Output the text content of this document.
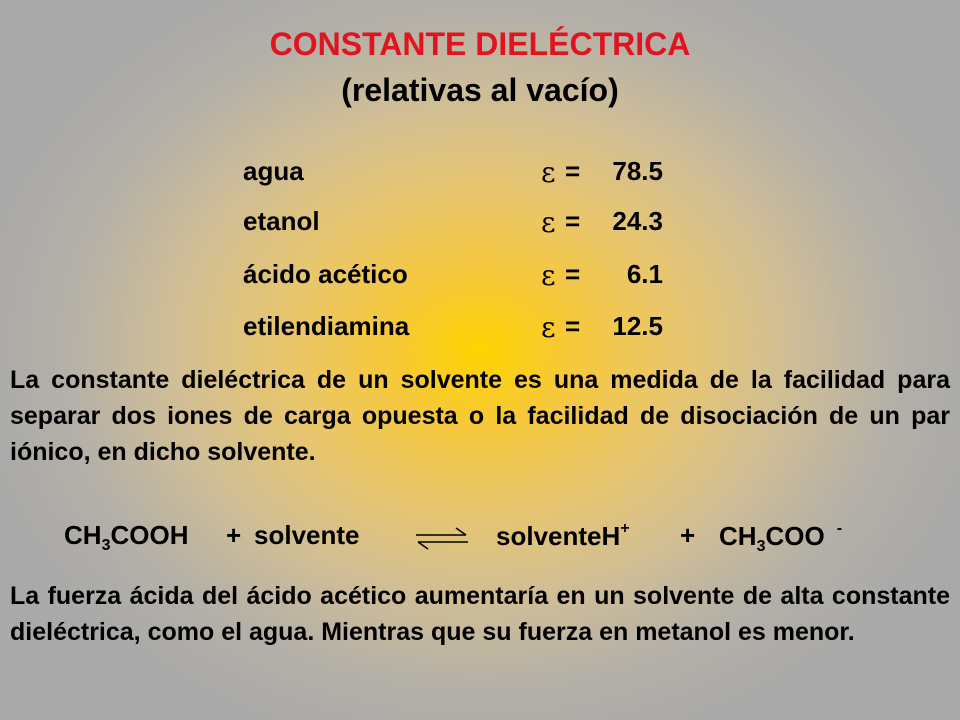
CONSTANTE DIELÉCTRICA
(relativas al vacío)
agua	ε =	78.5
etanol	ε =	24.3
ácido acético	ε =	6.1
etilendiamina	ε =	12.5

La constante dieléctrica de un solvente es una medida de la facilidad para separar dos iones de carga opuesta o la facilidad de disociación de un par iónico, en dicho solvente.

$CH_3COOH$ + solvente ⇌ solventeH+ + $CH_3COO$ -

La fuerza ácida del ácido acético aumentaría en un solvente de alta constante dieléctrica, como el agua. Mientras que su fuerza en metanol es menor.
